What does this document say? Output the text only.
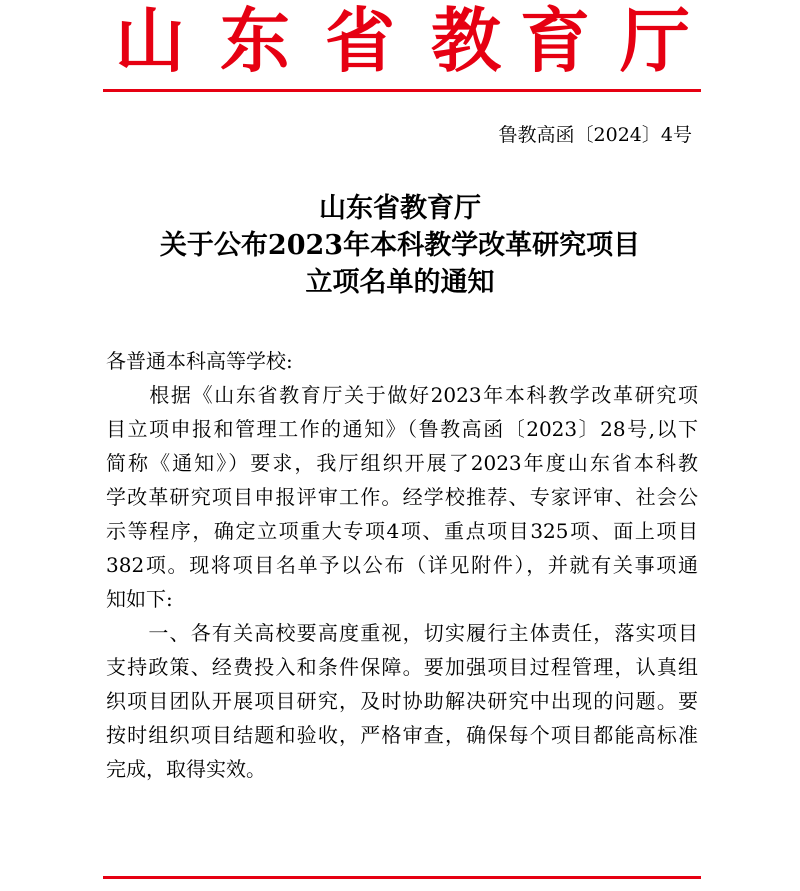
山 东 省 教 育 厅
鲁教高函〔2024〕4号
山东省教育厅
关于公布2023年本科教学改革研究项目
立项名单的通知

各普通本科高等学校:

　　根据《山东省教育厅关于做好2023年本科教学改革研究项
目立项申报和管理工作的通知》（鲁教高函〔2023〕28号,以下
简称《通知》）要求，我厅组织开展了2023年度山东省本科教
学改革研究项目申报评审工作。经学校推荐、专家评审、社会公
示等程序，确定立项重大专项4项、重点项目325项、面上项目
382项。现将项目名单予以公布（详见附件），并就有关事项通
知如下:
　　一、各有关高校要高度重视，切实履行主体责任，落实项目
支持政策、经费投入和条件保障。要加强项目过程管理，认真组
织项目团队开展项目研究，及时协助解决研究中出现的问题。要
按时组织项目结题和验收，严格审查，确保每个项目都能高标准
完成，取得实效。
